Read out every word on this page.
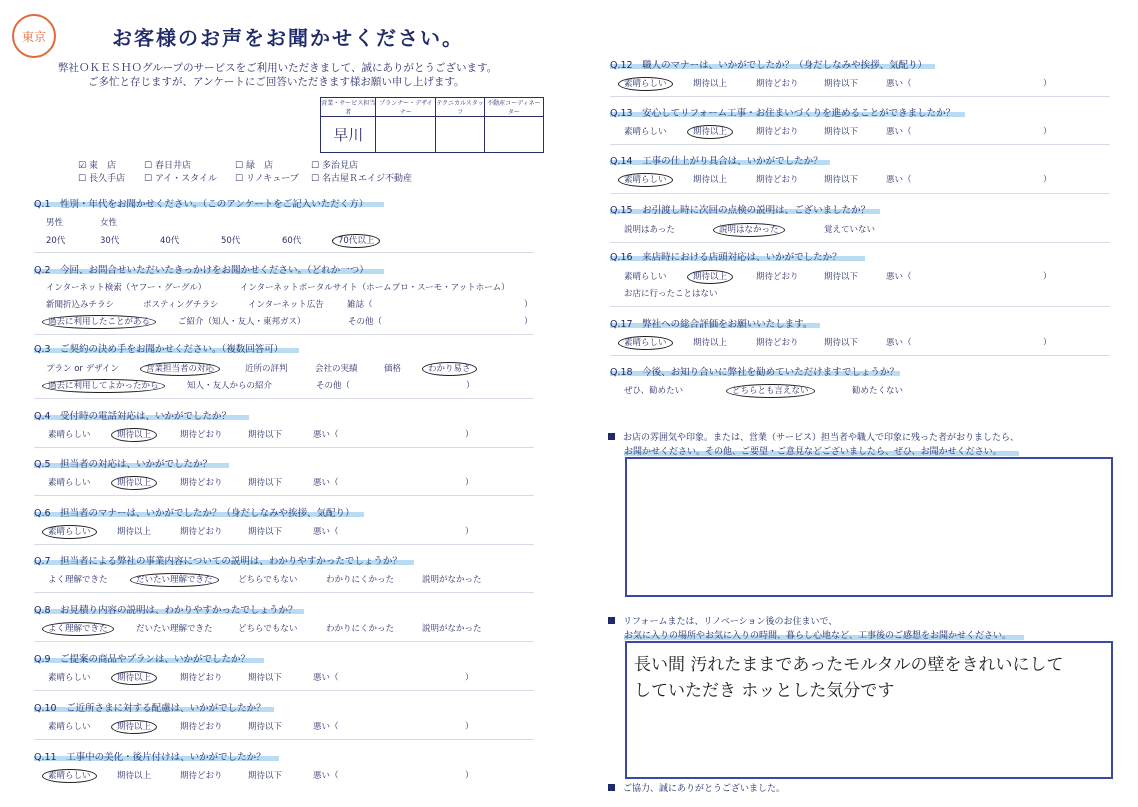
東京	お客様のお声をお聞かせください。
弊社ＯＫＥＳＨＯグループのサービスをご利用いただきまして、誠にありがとうございます。
ご多忙と存じますが、アンケートにご回答いただきます様お願い申し上げます。
営業・サービス担当者	プランナー・デザイナー	テクニカルスタッフ	不動産コーディネーター
早川			
☑ 東　店	☐ 春日井店	☐ 緑　店	☐ 多治見店
☐ 長久手店 ☐ アイ・スタイル ☐ リノキューブ ☐ 名古屋Ｒエイジ不動産
Q.1　性別・年代をお聞かせください。（このアンケートをご記入いただく方）
男性	女性
20代	30代	40代	50代	60代	70代以上
Q.2　今回、お問合せいただいたきっかけをお聞かせください。（どれか一つ）
インターネット検索（ヤフー・グーグル）	インターネットポータルサイト（ホームプロ・スーモ・アットホーム）
新聞折込みチラシ	ポスティングチラシ	インターネット広告	雑誌（	）
過去に利用したことがある	ご紹介（知人・友人・東邦ガス）	その他（	）
Q.3　ご契約の決め手をお聞かせください。（複数回答可）
プラン or デザイン	営業担当者の対応	近所の評判	会社の実績	価格	わかり易さ
過去に利用してよかったから	知人・友人からの紹介	その他（	）
Q.4　受付時の電話対応は、いかがでしたか？
素晴らしい	期待以上	期待どおり	期待以下	悪い（	）
Q.5　担当者の対応は、いかがでしたか？
素晴らしい	期待以上	期待どおり	期待以下	悪い（	）
Q.6　担当者のマナーは、いかがでしたか？（身だしなみや挨拶、気配り）
素晴らしい	期待以上	期待どおり	期待以下	悪い（	）
Q.7　担当者による弊社の事業内容についての説明は、わかりやすかったでしょうか？
よく理解できた	だいたい理解できた	どちらでもない	わかりにくかった	説明がなかった
Q.8　お見積り内容の説明は、わかりやすかったでしょうか？
よく理解できた	だいたい理解できた	どちらでもない	わかりにくかった	説明がなかった
Q.9　ご提案の商品やプランは、いかがでしたか？
素晴らしい	期待以上	期待どおり	期待以下	悪い（	）
Q.10　ご近所さまに対する配慮は、いかがでしたか？
素晴らしい	期待以上	期待どおり	期待以下	悪い（	）
Q.11　工事中の美化・後片付けは、いかがでしたか？
素晴らしい	期待以上	期待どおり	期待以下	悪い（	）
Q.12　職人のマナーは、いかがでしたか？（身だしなみや挨拶、気配り）
素晴らしい	期待以上	期待どおり	期待以下	悪い（	）
Q.13　安心してリフォーム工事・お住まいづくりを進めることができましたか？
素晴らしい	期待以上	期待どおり	期待以下	悪い（	）
Q.14　工事の仕上がり具合は、いかがでしたか？
素晴らしい	期待以上	期待どおり	期待以下	悪い（	）
Q.15　お引渡し時に次回の点検の説明は、ございましたか？
説明はあった	説明はなかった	覚えていない
Q.16　来店時における店頭対応は、いかがでしたか？
素晴らしい	期待以上	期待どおり	期待以下	悪い（	）
お店に行ったことはない
Q.17　弊社への総合評価をお願いいたします。
素晴らしい	期待以上	期待どおり	期待以下	悪い（	）
Q.18　今後、お知り合いに弊社を勧めていただけますでしょうか？
ぜひ、勧めたい	どちらとも言えない	勧めたくない
お店の雰囲気や印象。または、営業（サービス）担当者や職人で印象に残った者がおりましたら、
お聞かせください。その他、ご要望・ご意見などございましたら、ぜひ、お聞かせください。
リフォームまたは、リノベーション後のお住まいで、
お気に入りの場所やお気に入りの時間、暮らし心地など、工事後のご感想をお聞かせください。
長い間 汚れたままであったモルタルの壁をきれいにして
していただき ホッとした気分です
ご協力、誠にありがとうございました。
